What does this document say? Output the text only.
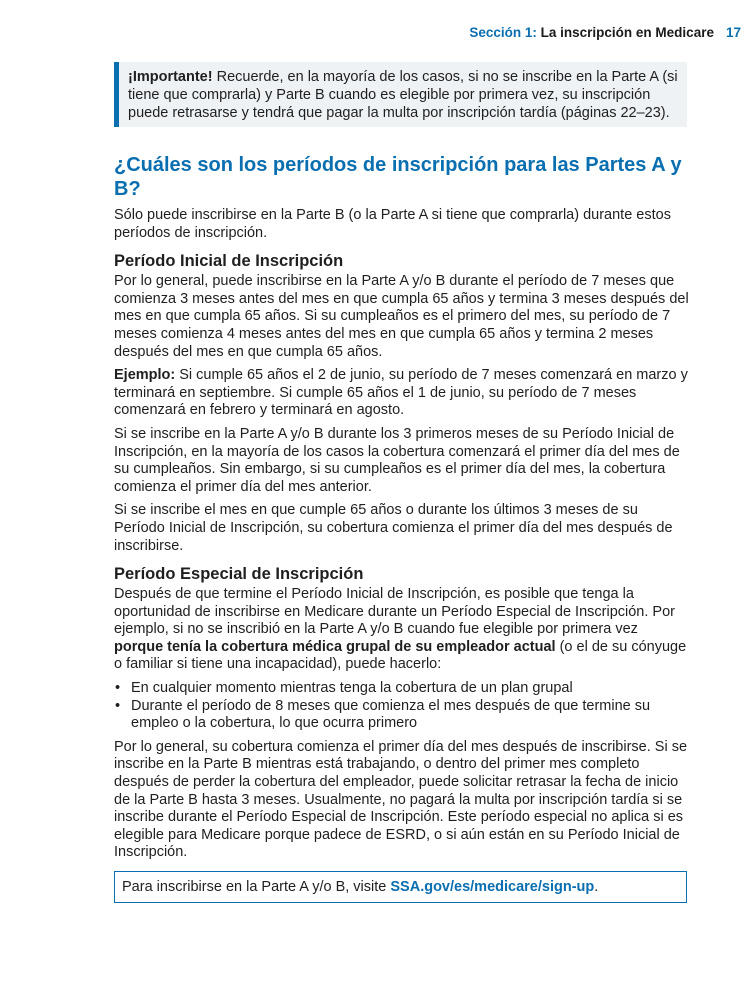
Sección 1: La inscripción en Medicare 17
¡Importante! Recuerde, en la mayoría de los casos, si no se inscribe en la Parte A (si tiene que comprarla) y Parte B cuando es elegible por primera vez, su inscripción puede retrasarse y tendrá que pagar la multa por inscripción tardía (páginas 22–23).
¿Cuáles son los períodos de inscripción para las Partes A y B?

Sólo puede inscribirse en la Parte B (o la Parte A si tiene que comprarla) durante estos períodos de inscripción.

Período Inicial de Inscripción

Por lo general, puede inscribirse en la Parte A y/o B durante el período de 7 meses que comienza 3 meses antes del mes en que cumpla 65 años y termina 3 meses después del mes en que cumpla 65 años. Si su cumpleaños es el primero del mes, su período de 7 meses comienza 4 meses antes del mes en que cumpla 65 años y termina 2 meses después del mes en que cumpla 65 años.

Ejemplo: Si cumple 65 años el 2 de junio, su período de 7 meses comenzará en marzo y terminará en septiembre. Si cumple 65 años el 1 de junio, su período de 7 meses comenzará en febrero y terminará en agosto.

Si se inscribe en la Parte A y/o B durante los 3 primeros meses de su Período Inicial de Inscripción, en la mayoría de los casos la cobertura comenzará el primer día del mes de su cumpleaños. Sin embargo, si su cumpleaños es el primer día del mes, la cobertura comienza el primer día del mes anterior.

Si se inscribe el mes en que cumple 65 años o durante los últimos 3 meses de su Período Inicial de Inscripción, su cobertura comienza el primer día del mes después de inscribirse.

Período Especial de Inscripción

Después de que termine el Período Inicial de Inscripción, es posible que tenga la oportunidad de inscribirse en Medicare durante un Período Especial de Inscripción. Por ejemplo, si no se inscribió en la Parte A y/o B cuando fue elegible por primera vez porque tenía la cobertura médica grupal de su empleador actual (o el de su cónyuge o familiar si tiene una incapacidad), puede hacerlo:

• En cualquier momento mientras tenga la cobertura de un plan grupal
• Durante el período de 8 meses que comienza el mes después de que termine su empleo o la cobertura, lo que ocurra primero

Por lo general, su cobertura comienza el primer día del mes después de inscribirse. Si se inscribe en la Parte B mientras está trabajando, o dentro del primer mes completo después de perder la cobertura del empleador, puede solicitar retrasar la fecha de inicio de la Parte B hasta 3 meses. Usualmente, no pagará la multa por inscripción tardía si se inscribe durante el Período Especial de Inscripción. Este período especial no aplica si es elegible para Medicare porque padece de ESRD, o si aún están en su Período Inicial de Inscripción.

Para inscribirse en la Parte A y/o B, visite SSA.gov/es/medicare/sign-up.
